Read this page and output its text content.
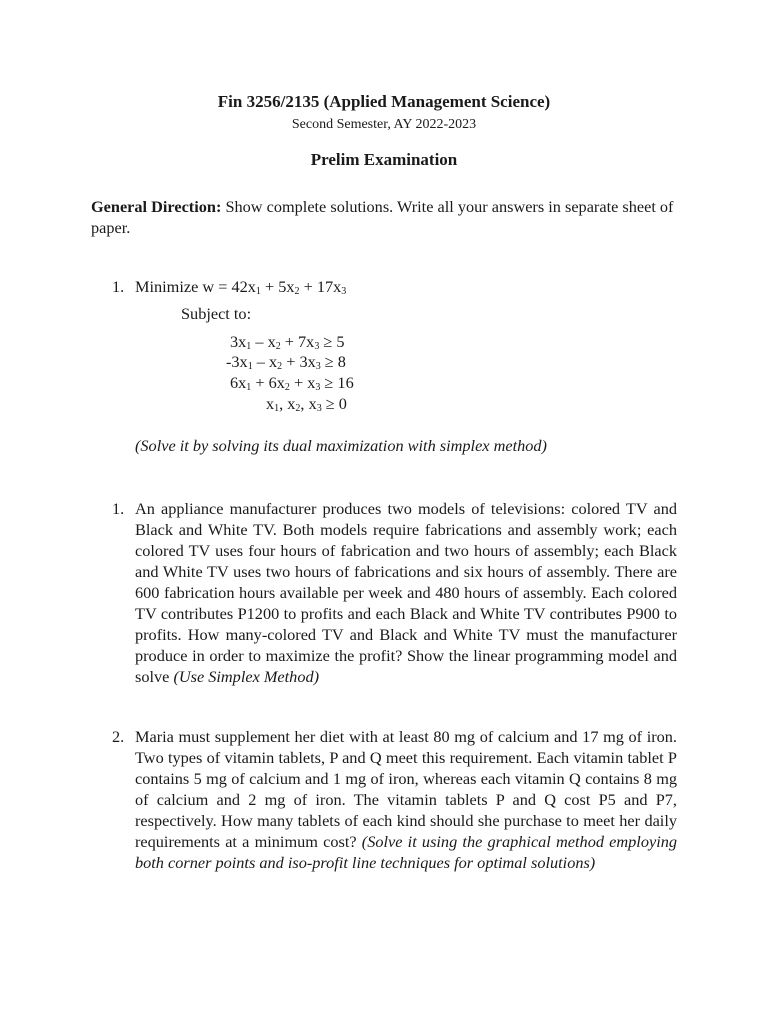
Fin 3256/2135 (Applied Management Science)
Second Semester, AY 2022-2023
Prelim Examination
General Direction: Show complete solutions. Write all your answers in separate sheet of paper.
1. Minimize $w = 42x_1 + 5x_2 + 17x_3$
Subject to:
$3x_1 - x_2 + 7x_3 \ge 5$
$-3x_1 - x_2 + 3x_3 \ge 8$
$6x_1 + 6x_2 + x_3 \ge 16$
$x_1$, $x_2$, $x_3 \ge 0$
(Solve it by solving its dual maximization with simplex method)
1. An appliance manufacturer produces two models of televisions: colored TV and Black and White TV. Both models require fabrications and assembly work; each colored TV uses four hours of fabrication and two hours of assembly; each Black and White TV uses two hours of fabrications and six hours of assembly. There are 600 fabrication hours available per week and 480 hours of assembly. Each colored TV contributes P1200 to profits and each Black and White TV contributes P900 to profits. How many-colored TV and Black and White TV must the manufacturer produce in order to maximize the profit? Show the linear programming model and solve (Use Simplex Method)
2. Maria must supplement her diet with at least 80 mg of calcium and 17 mg of iron. Two types of vitamin tablets, P and Q meet this requirement. Each vitamin tablet P contains 5 mg of calcium and 1 mg of iron, whereas each vitamin Q contains 8 mg of calcium and 2 mg of iron. The vitamin tablets P and Q cost P5 and P7, respectively. How many tablets of each kind should she purchase to meet her daily requirements at a minimum cost? (Solve it using the graphical method employing both corner points and iso-profit line techniques for optimal solutions)
